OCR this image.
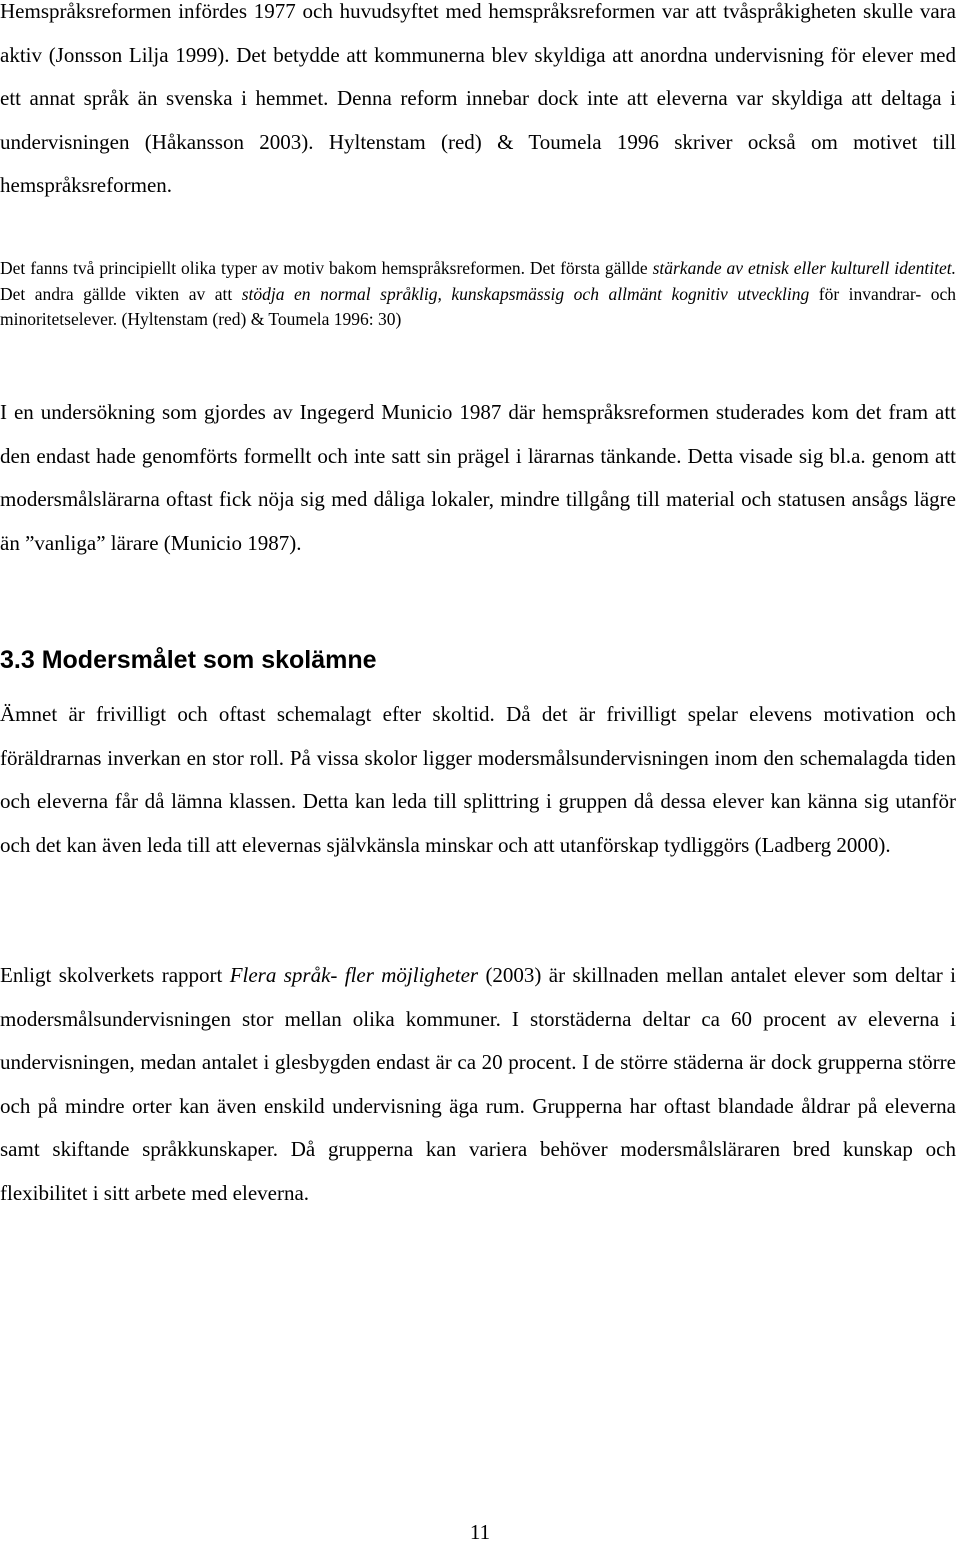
Hemspråksreformen infördes 1977 och huvudsyftet med hemspråksreformen var att tvåspråkigheten skulle vara aktiv (Jonsson Lilja 1999). Det betydde att kommunerna blev skyldiga att anordna undervisning för elever med ett annat språk än svenska i hemmet. Denna reform innebar dock inte att eleverna var skyldiga att deltaga i undervisningen (Håkansson 2003). Hyltenstam (red) & Toumela 1996 skriver också om motivet till hemspråksreformen.

Det fanns två principiellt olika typer av motiv bakom hemspråksreformen. Det första gällde stärkande av etnisk eller kulturell identitet. Det andra gällde vikten av att stödja en normal språklig, kunskapsmässig och allmänt kognitiv utveckling för invandrar- och minoritetselever. (Hyltenstam (red) & Toumela 1996: 30)

I en undersökning som gjordes av Ingegerd Municio 1987 där hemspråksreformen studerades kom det fram att den endast hade genomförts formellt och inte satt sin prägel i lärarnas tänkande. Detta visade sig bl.a. genom att modersmålslärarna oftast fick nöja sig med dåliga lokaler, mindre tillgång till material och statusen ansågs lägre än ”vanliga” lärare (Municio 1987).

3.3 Modersmålet som skolämne

Ämnet är frivilligt och oftast schemalagt efter skoltid. Då det är frivilligt spelar elevens motivation och föräldrarnas inverkan en stor roll. På vissa skolor ligger modersmålsundervisningen inom den schemalagda tiden och eleverna får då lämna klassen. Detta kan leda till splittring i gruppen då dessa elever kan känna sig utanför och det kan även leda till att elevernas självkänsla minskar och att utanförskap tydliggörs (Ladberg 2000).

Enligt skolverkets rapport Flera språk- fler möjligheter (2003) är skillnaden mellan antalet elever som deltar i modersmålsundervisningen stor mellan olika kommuner. I storstäderna deltar ca 60 procent av eleverna i undervisningen, medan antalet i glesbygden endast är ca 20 procent. I de större städerna är dock grupperna större och på mindre orter kan även enskild undervisning äga rum. Grupperna har oftast blandade åldrar på eleverna samt skiftande språkkunskaper. Då grupperna kan variera behöver modersmålsläraren bred kunskap och flexibilitet i sitt arbete med eleverna.

11
